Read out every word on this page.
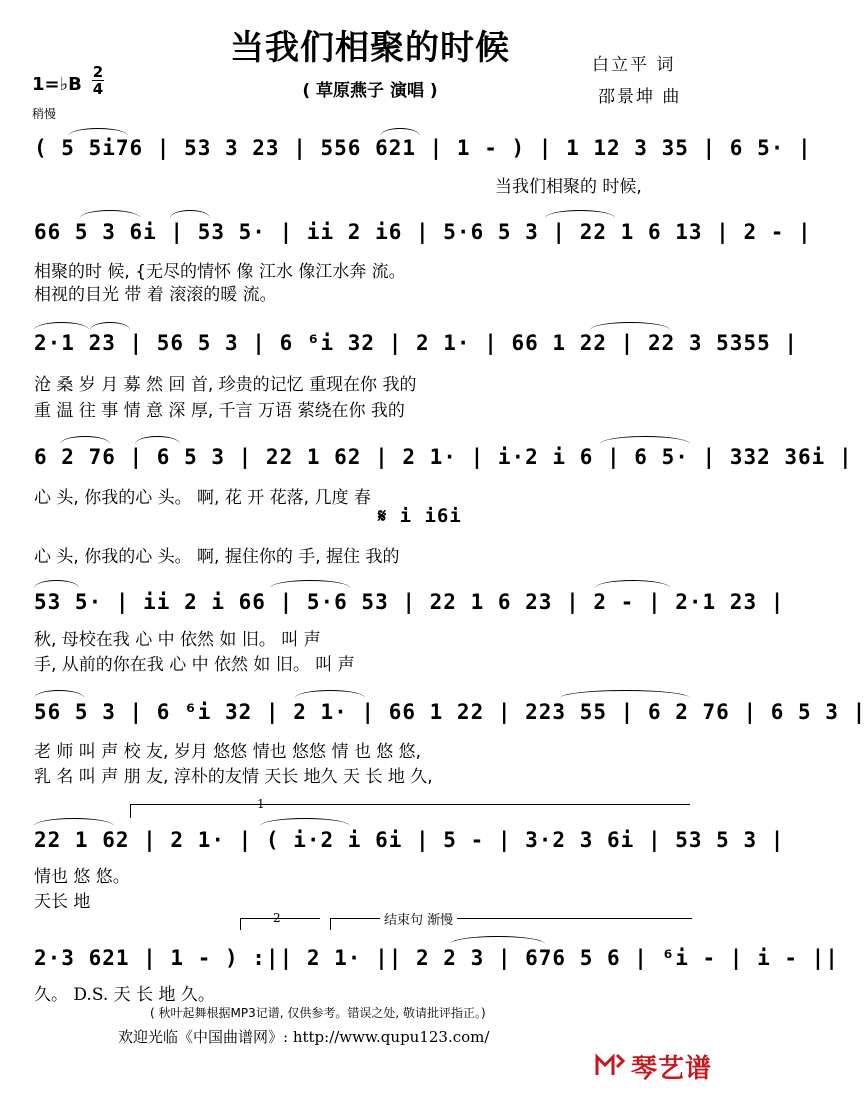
当我们相聚的时候
( 草原燕子 演唱 )
白立平 词
邵景坤 曲
1=♭B
2
4
稍慢
( 5 5i76 | 53 3 23 | 556 621 | 1 - ) | 1 12 3 35 | 6 5· |
当我们相聚的 时候,
66 5 3 6i | 53 5· | ii 2 i6 | 5·6 5 3 | 22 1 6 13 | 2 - |
相聚的时 候, {无尽的情怀 像 江水 像江水奔 流。
相视的目光 带 着 滚滚的暖 流。
2·1 23 | 56 5 3 | 6 ⁶i 32 | 2 1· | 66 1 22 | 22 3 5355 |
沧 桑 岁 月 募 然 回 首, 珍贵的记忆 重现在你 我的
重 温 往 事 情 意 深 厚, 千言 万语 萦绕在你 我的
6 2 76 | 6 5 3 | 22 1 62 | 2 1· | i·2 i 6 | 6 5· | 332 36i |
心 头, 你我的心 头。 啊, 花 开 花落, 几度 春
𝄋 i i6i
心 头, 你我的心 头。 啊, 握住你的 手, 握住 我的
53 5· | ii 2 i 66 | 5·6 53 | 22 1 6 23 | 2 - | 2·1 23 |
秋, 母校在我 心 中 依然 如 旧。 叫 声
手, 从前的你在我 心 中 依然 如 旧。 叫 声
56 5 3 | 6 ⁶i 32 | 2 1· | 66 1 22 | 223 55 | 6 2 76 | 6 5 3 |
老 师 叫 声 校 友, 岁月 悠悠 情也 悠悠 情 也 悠 悠,
乳 名 叫 声 朋 友, 淳朴的友情 天长 地久 天 长 地 久,
1
22 1 62 | 2 1· | ( i·2 i 6i | 5 - | 3·2 3 6i | 53 5 3 |
情也 悠 悠。
天长 地
2	结束句 渐慢
2·3 621 | 1 - ) :|| 2 1· || 2 2 3 | 676 5 6 | ⁶i - | i - ||
久。 D.S. 天 长 地 久。
( 秋叶起舞根据MP3记谱, 仅供参考。错误之处, 敬请批评指正。)
欢迎光临《中国曲谱网》: http://www.qupu123.com/
琴艺谱
